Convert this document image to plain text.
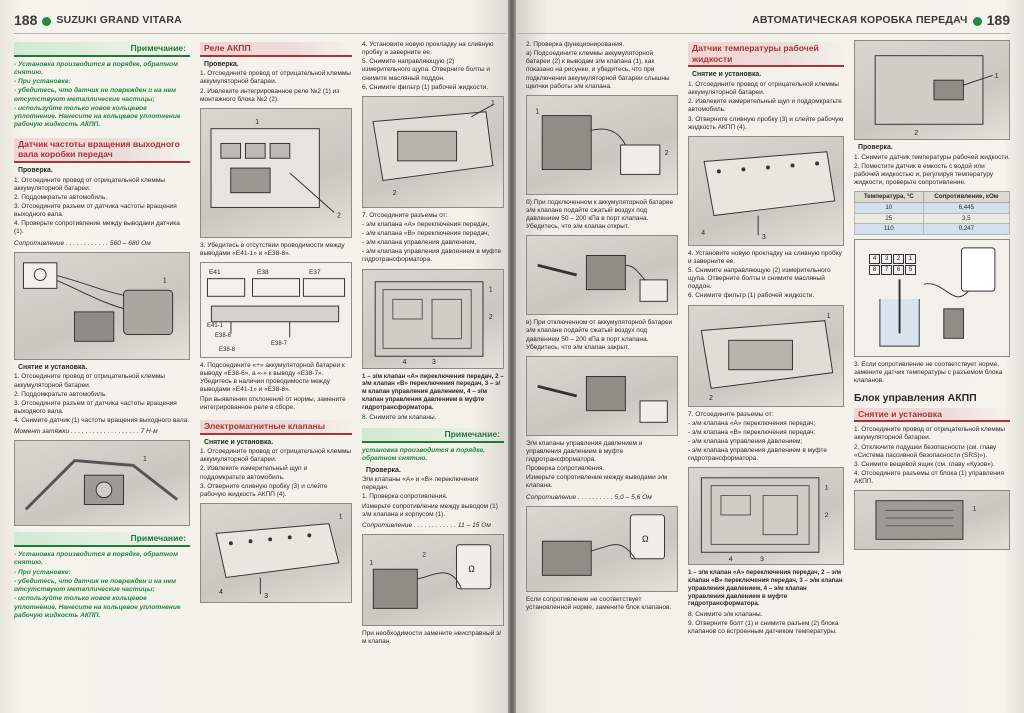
188 SUZUKI GRAND VITARA
Примечание:
- Установка производится в порядке, обратном снятию.
- При установке:
- убедитесь, что датчик не поврежден и на нем отсутствуют металлические частицы;
- используйте только новое кольцевое уплотнение. Нанесите на кольцевое уплотнение рабочую жидкость АКПП.
Датчик частоты вращения выходного вала коробки передач
Проверка.
1. Отсоедините провод от отрицательной клеммы аккумуляторной батареи.
2. Поддомкратьте автомобиль.
3. Отсоедините разъем от датчика частоты вращения выходного вала.
4. Проверьте сопротивление между выводами датчика (1).
Сопротивление . . . . . . . . . . . . 560 – 680 Ом
1
Снятие и установка.
1. Отсоедините провод от отрицательной клеммы аккумуляторной батареи.
2. Поддомкратьте автомобиль.
3. Отсоедините разъем от датчика частоты вращения выходного вала.
4. Снимите датчик (1) частоты вращения выходного вала.
Момент затяжки . . . . . . . . . . . . . . . . . . . 7 Н·м
1
Примечание:
- Установка производится в порядке, обратном снятию.
- При установке:
- убедитесь, что датчик не поврежден и на нем отсутствуют металлические частицы;
- используйте только новое кольцевое уплотнение. Нанесите на кольцевое уплотнение рабочую жидкость АКПП.
Реле АКПП
Проверка.
1. Отсоедините провод от отрицательной клеммы аккумуляторной батареи.
2. Извлеките интегрированное реле №2 (1) из монтажного блока №2 (2).
1
2
3. Убедитесь в отсутствии проводимости между выводами «Е41-1» и «Е38-8».
E41	E38	E37
E41-1
E38-6
E38-8
E38-7
4. Подсоедините «+» аккумуляторной батареи к выводу «Е38-6», а «-» к выводу «Е38-7». Убедитесь в наличии проводимости между выводами «Е41-1» и «Е38-8».
При выявлении отклонений от нормы, замените интегрированное реле в сборе.
Электромагнитные клапаны
Снятие и установка.
1. Отсоедините провод от отрицательной клеммы аккумуляторной батареи.
2. Извлеките измерительный щуп и поддомкратьте автомобиль.
3. Отверните сливную пробку (3) и слейте рабочую жидкость АКПП (4).
1
4
3
4. Установите новую прокладку на сливную пробку и заверните ее.
5. Снимите направляющую (2) измерительного щупа. Отверните болты и снимите масляный поддон.
6. Снимите фильтр (1) рабочей жидкости.
1
2
7. Отсоедините разъемы от:
- э/м клапана «А» переключения передач,
- э/м клапана «В» переключения передач,
- э/м клапана управления давлением,
- э/м клапана управления давлением в муфте гидротрансформатора.
1
2
4	3
1 – э/м клапан «А» переключения передач, 2 – э/м клапан «В» переключения передач, 3 – э/м клапан управления давлением, 4 – э/м клапан управления давлением в муфте гидротрансформатора.
8. Снимите э/м клапаны.
Примечание:
установка производится в порядке, обратном снятию.
Проверка.
Э/м клапаны «А» и «В» переключения передач.
1. Проверка сопротивления.
Измерьте сопротивление между выводом (1) э/м клапана и корпусом (1).
Сопротивление . . . . . . . . . . . . 11 – 15 Ом
Ω
2
1
При необходимости замените неисправный э/м клапан.
АВТОМАТИЧЕСКАЯ КОРОБКА ПЕРЕДАЧ 189
2. Проверка функционирования.
а) Подсоедините клеммы аккумуляторной батареи (2) к выводам э/м клапана (1), как показано на рисунке, и убедитесь, что при подключении аккумуляторной батареи слышны щелчки работы э/м клапана.
1
2
б) При подключенном к аккумуляторной батарее э/м клапане подайте сжатый воздух под давлением 50 – 200 кПа в порт клапана. Убедитесь, что э/м клапан открыт.
в) При отключенном от аккумуляторной батареи э/м клапане подайте сжатый воздух под давлением 50 – 200 кПа в порт клапана. Убедитесь, что э/м клапан закрыт.
Э/м клапаны управления давлением и управления давлением в муфте гидротрансформатора.
Проверка сопротивления.
Измерьте сопротивление между выводами э/м клапана.
Сопротивление . . . . . . . . . . 5,0 – 5,6 Ом
Ω
Если сопротивление не соответствует установленной норме, замените блок клапанов.
Датчик температуры рабочей жидкости
Снятие и установка.
1. Отсоедините провод от отрицательной клеммы аккумуляторной батареи.
2. Извлеките измерительный щуп и поддомкратьте автомобиль.
3. Отверните сливную пробку (3) и слейте рабочую жидкость АКПП (4).
4
3
4. Установите новую прокладку на сливную пробку и заверните ее.
5. Снимите направляющую (2) измерительного щупа. Отверните болты и снимите масляный поддон.
6. Снимите фильтр (1) рабочей жидкости.
1
2
7. Отсоедините разъемы от:
- э/м клапана «А» переключения передач;
- э/м клапана «В» переключения передач;
- э/м клапана управления давлением;
- э/м клапана управления давлением в муфте гидротрансформатора.
1
2
4	3
1 – э/м клапан «А» переключения передач, 2 – э/м клапан «В» переключения передач, 3 – э/м клапан управления давлением, 4 – э/м клапан управления давлением в муфте гидротрансформатора.
8. Снимите э/м клапаны.
9. Отверните болт (1) и снимите разъем (2) блока клапанов со встроенным датчиком температуры.
1
2
Проверка.
1. Снимите датчик температуры рабочей жидкости.
2. Поместите датчик в емкость с водой или рабочей жидкостью и, регулируя температуру жидкости, проверьте сопротивление.
Температура, °С	Сопротивление, кОм
10	6,445
25	3,5
110	0,247
4	3	2	1
8	7	6	5
3. Если сопротивление не соответствует норме, замените датчик температуры с разъемом блока клапанов.
Блок управления АКПП
Снятие и установка
1. Отсоедините провод от отрицательной клеммы аккумуляторной батареи.
2. Отключите подушки безопасности (см. главу «Система пассивной безопасности (SRS)»).
3. Снимите вещевой ящик (см. главу «Кузов»).
4. Отсоедините разъемы от блока (1) управления АКПП.
1
